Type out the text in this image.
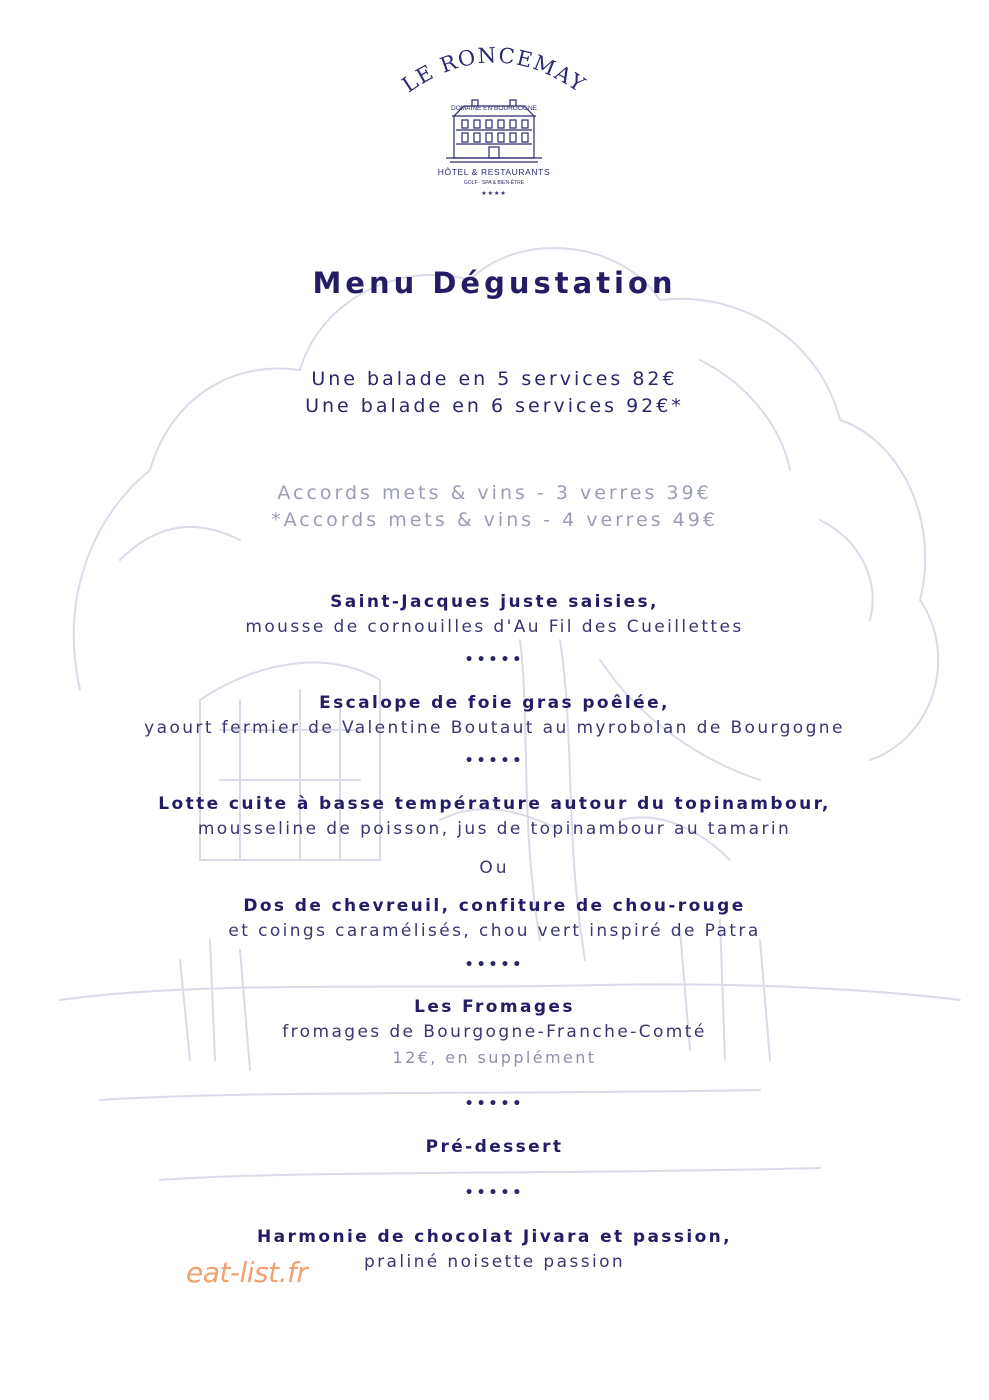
LE RONCEMAY
DOMAINE EN BOURGOGNE
HÔTEL & RESTAURANTS
GOLF · SPA & BIEN-ÊTRE
★★★★
Menu Dégustation
Une balade en 5 services 82€
Une balade en 6 services 92€*
Accords mets & vins - 3 verres 39€
*Accords mets & vins - 4 verres 49€
Saint-Jacques juste saisies,
mousse de cornouilles d'Au Fil des Cueillettes
•••••
Escalope de foie gras poêlée,
yaourt fermier de Valentine Boutaut au myrobolan de Bourgogne
•••••
Lotte cuite à basse température autour du topinambour,
mousseline de poisson, jus de topinambour au tamarin
Ou
Dos de chevreuil, confiture de chou-rouge
et coings caramélisés, chou vert inspiré de Patra
•••••
Les Fromages
fromages de Bourgogne-Franche-Comté
12€, en supplément
•••••
Pré-dessert
•••••
Harmonie de chocolat Jivara et passion,
praliné noisette passion
eat-list.fr
